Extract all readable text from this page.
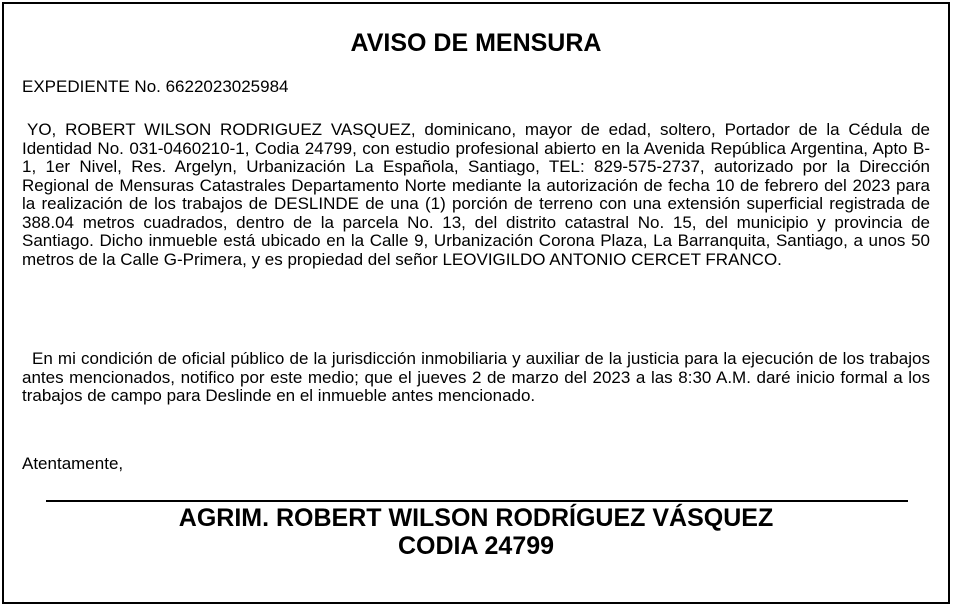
AVISO DE MENSURA
EXPEDIENTE No. 6622023025984
YO, ROBERT WILSON RODRIGUEZ VASQUEZ, dominicano, mayor de edad, soltero, Portador de la Cédula de Identidad No. 031-0460210-1, Codia 24799, con estudio profesional abierto en la Avenida República Argentina, Apto B-1, 1er Nivel, Res. Argelyn, Urbanización La Española, Santiago, TEL: 829-575-2737, autorizado por la Dirección Regional de Mensuras Catastrales Departamento Norte mediante la autorización de fecha 10 de febrero del 2023 para la realización de los trabajos de DESLINDE de una (1) porción de terreno con una extensión superficial registrada de 388.04 metros cuadrados, dentro de la parcela No. 13, del distrito catastral No. 15, del municipio y provincia de Santiago. Dicho inmueble está ubicado en la Calle 9, Urbanización Corona Plaza, La Barranquita, Santiago, a unos 50 metros de la Calle G-Primera, y es propiedad del señor LEOVIGILDO ANTONIO CERCET FRANCO.
En mi condición de oficial público de la jurisdicción inmobiliaria y auxiliar de la justicia para la ejecución de los trabajos antes mencionados, notifico por este medio; que el jueves 2 de marzo del 2023 a las 8:30 A.M. daré inicio formal a los trabajos de campo para Deslinde en el inmueble antes mencionado.
Atentamente,
AGRIM. ROBERT WILSON RODRÍGUEZ VÁSQUEZ
CODIA 24799
